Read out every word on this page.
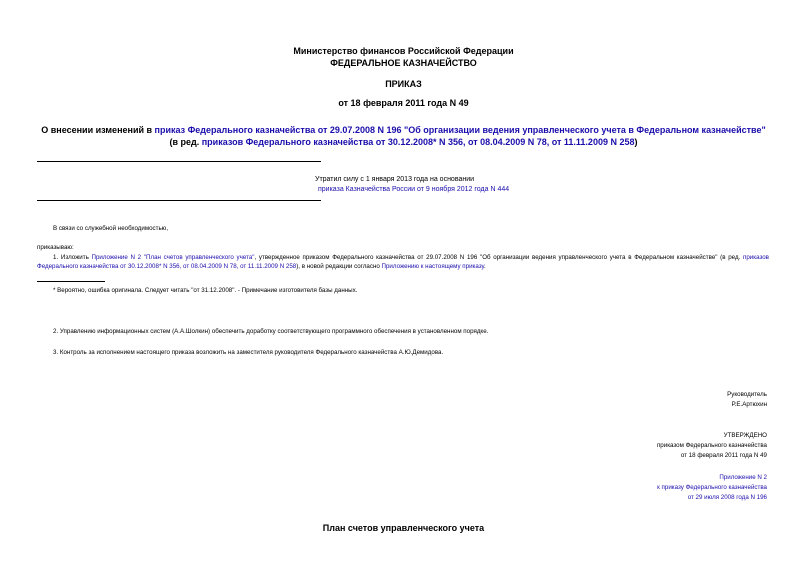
Министерство финансов Российской Федерации
ФЕДЕРАЛЬНОЕ КАЗНАЧЕЙСТВО
ПРИКАЗ
от 18 февраля 2011 года N 49
О внесении изменений в приказ Федерального казначейства от 29.07.2008 N 196 "Об организации ведения управленческого учета в Федеральном казначействе" (в ред. приказов Федерального казначейства от 30.12.2008* N 356, от 08.04.2009 N 78, от 11.11.2009 N 258)
Утратил силу с 1 января 2013 года на основании
приказа Казначейства России от 9 ноября 2012 года N 444
В связи со служебной необходимостью,
приказываю:
1. Изложить Приложение N 2 "План счетов управленческого учета", утвержденное приказом Федерального казначейства от 29.07.2008 N 196 "Об организации ведения управленческого учета в Федеральном казначействе" (в ред. приказов Федерального казначейства от 30.12.2008* N 356, от 08.04.2009 N 78, от 11.11.2009 N 258), в новой редакции согласно Приложению к настоящему приказу.
* Вероятно, ошибка оригинала. Следует читать "от 31.12.2008". - Примечание изготовителя базы данных.
2. Управлению информационных систем (А.А.Шолкин) обеспечить доработку соответствующего программного обеспечения в установленном порядке.
3. Контроль за исполнением настоящего приказа возложить на заместителя руководителя Федерального казначейства А.Ю.Демидова.
Руководитель
Р.Е.Артюхин
УТВЕРЖДЕНО
приказом Федерального казначейства
от 18 февраля 2011 года N 49
Приложение N 2
к приказу Федерального казначейства
от 29 июля 2008 года N 196
План счетов управленческого учета
